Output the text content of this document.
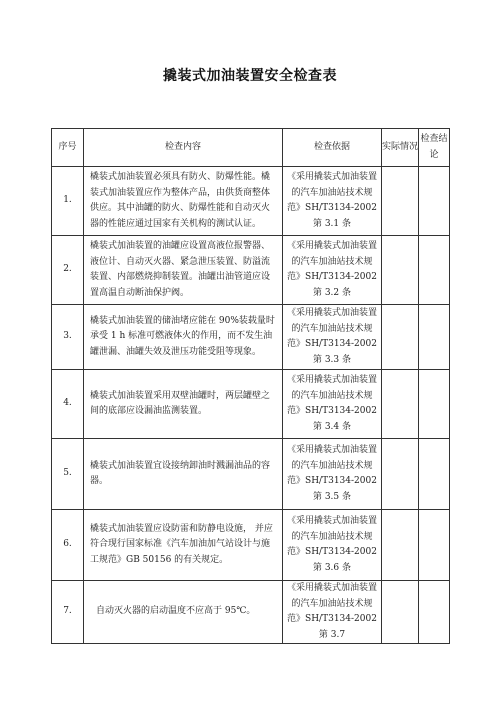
撬装式加油装置安全检查表
序号	检查内容	检查依据	实际情况	检查结论
1.	橇装式加油装置必须具有防火、防爆性能。橇装式加油装置应作为整体产品，由供货商整体供应。其中油罐的防火、防爆性能和自动灭火器的性能应通过国家有关机构的测试认证。	《采用撬装式加油装置的汽车加油站技术规范》SH/T3134-2002 第 3.1 条		
2.	橇装式加油装置的油罐应设置高液位报警器、液位计、自动灭火器、紧急泄压装置、防溢流装置、内部燃烧抑制装置。油罐出油管道应设置高温自动断油保护阀。	《采用撬装式加油装置的汽车加油站技术规范》SH/T3134-2002 第 3.2 条		
3.	橇装式加油装置的储油堵应能在 90%装载量时承受 1 h 标准可燃液体火的作用，而不发生油罐泄漏、油罐失效及泄压功能受阻等现象。	《采用撬装式加油装置的汽车加油站技术规范》SH/T3134-2002 第 3.3 条		
4.	橇装式加油装置采用双壁油罐时，两层罐壁之间的底部应设漏油监测装置。	《采用撬装式加油装置的汽车加油站技术规范》SH/T3134-2002 第 3.4 条		
5.	橇装式加油装置宜设接纳卸油时溅漏油品的容器。	《采用撬装式加油装置的汽车加油站技术规范》SH/T3134-2002 第 3.5 条		
6.	橇装式加油装置应设防雷和防静电设施， 并应符合现行国家标准《汽车加油加气站设计与施工规范》GB 50156 的有关规定。	《采用撬装式加油装置的汽车加油站技术规范》SH/T3134-2002 第 3.6 条		
7.	自动灭火器的启动温度不应高于 95℃。	《采用撬装式加油装置的汽车加油站技术规范》SH/T3134-2002 第 3.7		
